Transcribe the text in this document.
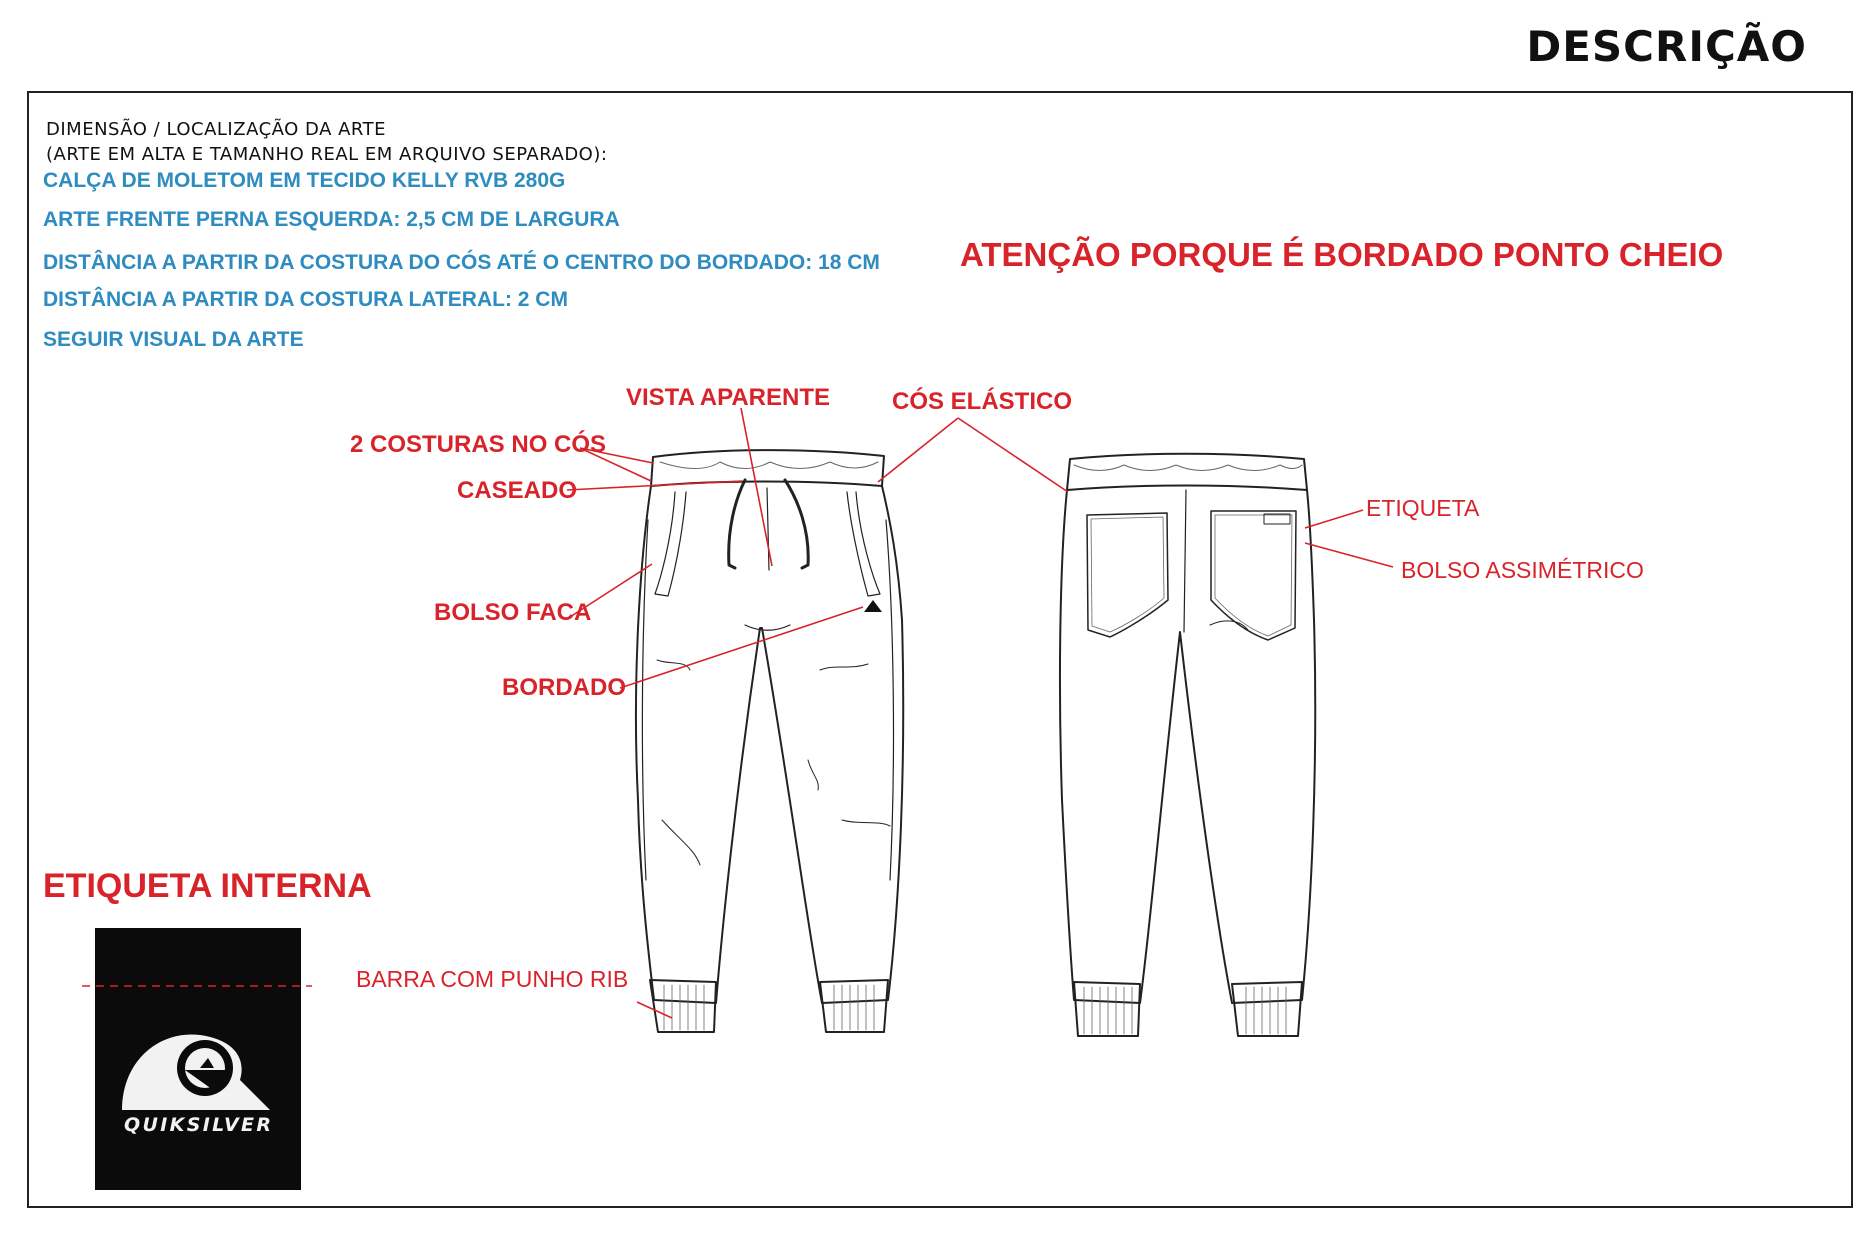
DESCRIÇÃO
DIMENSÃO / LOCALIZAÇÃO DA ARTE
(ARTE EM ALTA E TAMANHO REAL EM ARQUIVO SEPARADO):
CALÇA DE MOLETOM EM TECIDO KELLY RVB 280G
ARTE FRENTE PERNA ESQUERDA: 2,5 CM DE LARGURA
DISTÂNCIA A PARTIR DA COSTURA DO CÓS ATÉ O CENTRO DO BORDADO: 18 CM
DISTÂNCIA A PARTIR DA COSTURA LATERAL: 2 CM
SEGUIR VISUAL DA ARTE
ATENÇÃO PORQUE É BORDADO PONTO CHEIO
QUIKSILVER
VISTA APARENTE	CÓS ELÁSTICO
2 COSTURAS NO CÓS
CASEADO
BOLSO FACA
BORDADO
ETIQUETA
BOLSO ASSIMÉTRICO
BARRA COM PUNHO RIB
ETIQUETA INTERNA
